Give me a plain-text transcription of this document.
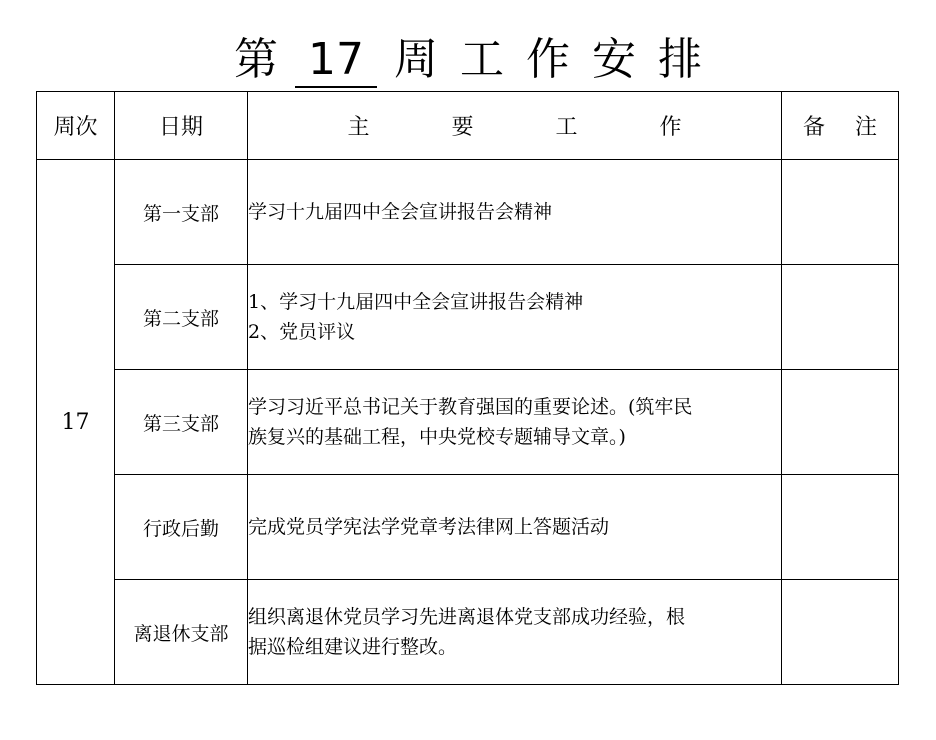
第 17 周 工 作 安 排
周次	日期	主 要 工 作	备 注
17	第一支部	学习十九届四中全会宣讲报告会精神	

	第二支部	1、学习十九届四中全会宣讲报告会精神
2、党员评议	

	第三支部	学习习近平总书记关于教育强国的重要论述。(筑牢民
族复兴的基础工程，中央党校专题辅导文章。)	

	行政后勤	完成党员学宪法学党章考法律网上答题活动	

	离退休支部	组织离退休党员学习先进离退体党支部成功经验，根
据巡检组建议进行整改。	
